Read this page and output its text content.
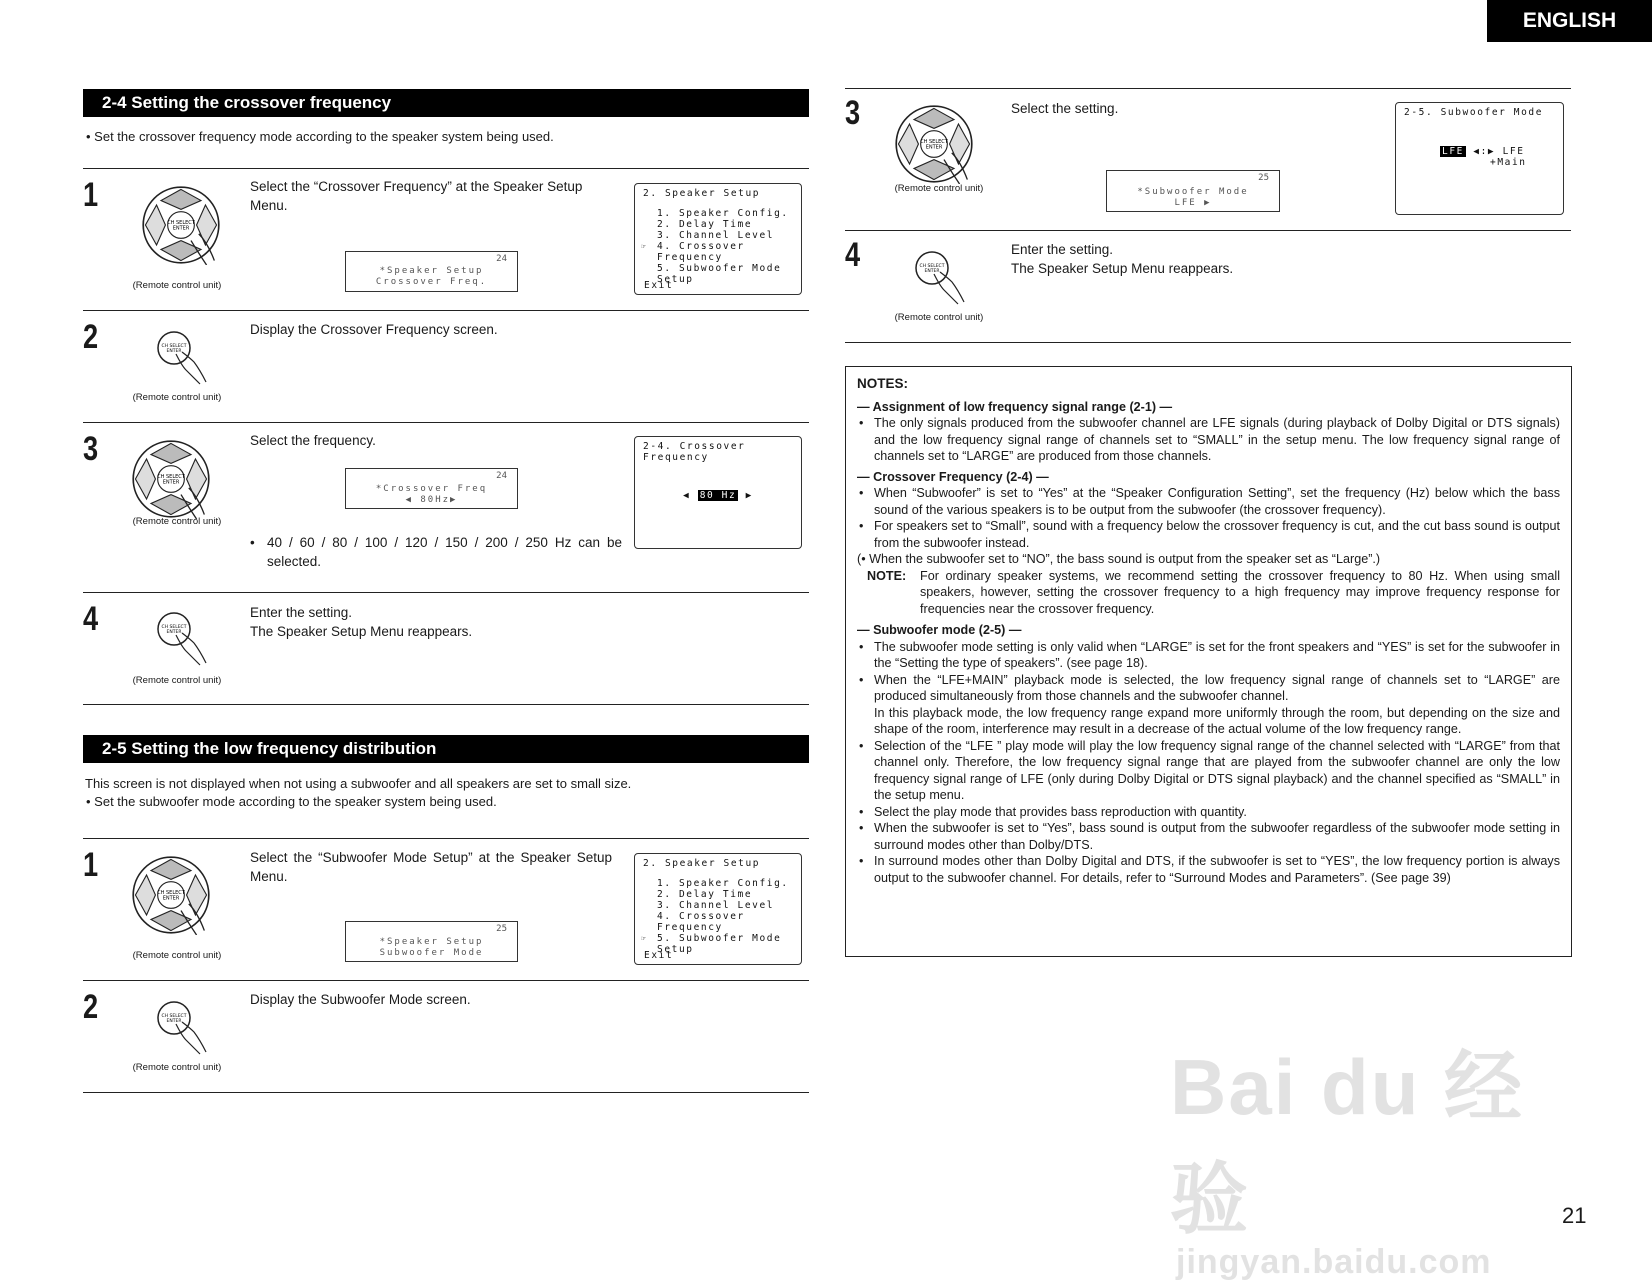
ENGLISH
2-4 Setting the crossover frequency
• Set the crossover frequency mode according to the speaker system being used.
1
(Remote control unit)
Select the “Crossover Frequency” at the Speaker Setup Menu.
24
*Speaker Setup
Crossover Freq.
2. Speaker Setup
1. Speaker Config.
2. Delay Time
3. Channel Level
☞ 4. Crossover Frequency
5. Subwoofer Mode Setup
Exit
2
(Remote control unit)
Display the Crossover Frequency screen.
3
(Remote control unit)
Select the frequency.
24
*Crossover Freq
◀ 80Hz▶
2-4. Crossover Frequency
◀ 80 Hz ▶
• 40 / 60 / 80 / 100 / 120 / 150 / 200 / 250 Hz can be selected.
4
(Remote control unit)
Enter the setting.
The Speaker Setup Menu reappears.
2-5 Setting the low frequency distribution
This screen is not displayed when not using a subwoofer and all speakers are set to small size.
• Set the subwoofer mode according to the speaker system being used.
1
(Remote control unit)
Select the “Subwoofer Mode Setup” at the Speaker Setup Menu.
25
*Speaker Setup
Subwoofer Mode
2. Speaker Setup
1. Speaker Config.
2. Delay Time
3. Channel Level
4. Crossover Frequency
☞ 5. Subwoofer Mode Setup
Exit
2
(Remote control unit)
Display the Subwoofer Mode screen.
3
(Remote control unit)
Select the setting.
25
*Subwoofer Mode
LFE ▶
2-5. Subwoofer Mode
LFE ◀:▶ LFE
+Main
4
(Remote control unit)
Enter the setting.
The Speaker Setup Menu reappears.
NOTES:
— Assignment of low frequency signal range (2-1) —
• The only signals produced from the subwoofer channel are LFE signals (during playback of Dolby Digital or DTS signals) and the low frequency signal range of channels set to “SMALL” in the setup menu. The low frequency signal range of channels set to “LARGE” are produced from those channels.
— Crossover Frequency (2-4) —
• When “Subwoofer” is set to “Yes” at the “Speaker Configuration Setting”, set the frequency (Hz) below which the bass sound of the various speakers is to be output from the subwoofer (the crossover frequency).
• For speakers set to “Small”, sound with a frequency below the crossover frequency is cut, and the cut bass sound is output from the subwoofer instead.
(• When the subwoofer set to “NO”, the bass sound is output from the speaker set as “Large”.)
NOTE:	For ordinary speaker systems, we recommend setting the crossover frequency to 80 Hz. When using small speakers, however, setting the crossover frequency to a high frequency may improve frequency response for frequencies near the crossover frequency.
— Subwoofer mode (2-5) —
• The subwoofer mode setting is only valid when “LARGE” is set for the front speakers and “YES” is set for the subwoofer in the “Setting the type of speakers”. (see page 18).
• When the “LFE+MAIN” playback mode is selected, the low frequency signal range of channels set to “LARGE” are produced simultaneously from those channels and the subwoofer channel.
In this playback mode, the low frequency range expand more uniformly through the room, but depending on the size and shape of the room, interference may result in a decrease of the actual volume of the low frequency range.
• Selection of the “LFE ” play mode will play the low frequency signal range of the channel selected with “LARGE” from that channel only. Therefore, the low frequency signal range that are played from the subwoofer channel are only the low frequency signal range of LFE (only during Dolby Digital or DTS signal playback) and the channel specified as “SMALL” in the setup menu.
• Select the play mode that provides bass reproduction with quantity.
• When the subwoofer is set to “Yes”, bass sound is output from the subwoofer regardless of the subwoofer mode setting in surround modes other than Dolby/DTS.
• In surround modes other than Dolby Digital and DTS, if the subwoofer is set to “YES”, the low frequency portion is always output to the subwoofer channel. For details, refer to “Surround Modes and Parameters”. (See page 39)
Bai du 经验
jingyan.baidu.com
21
